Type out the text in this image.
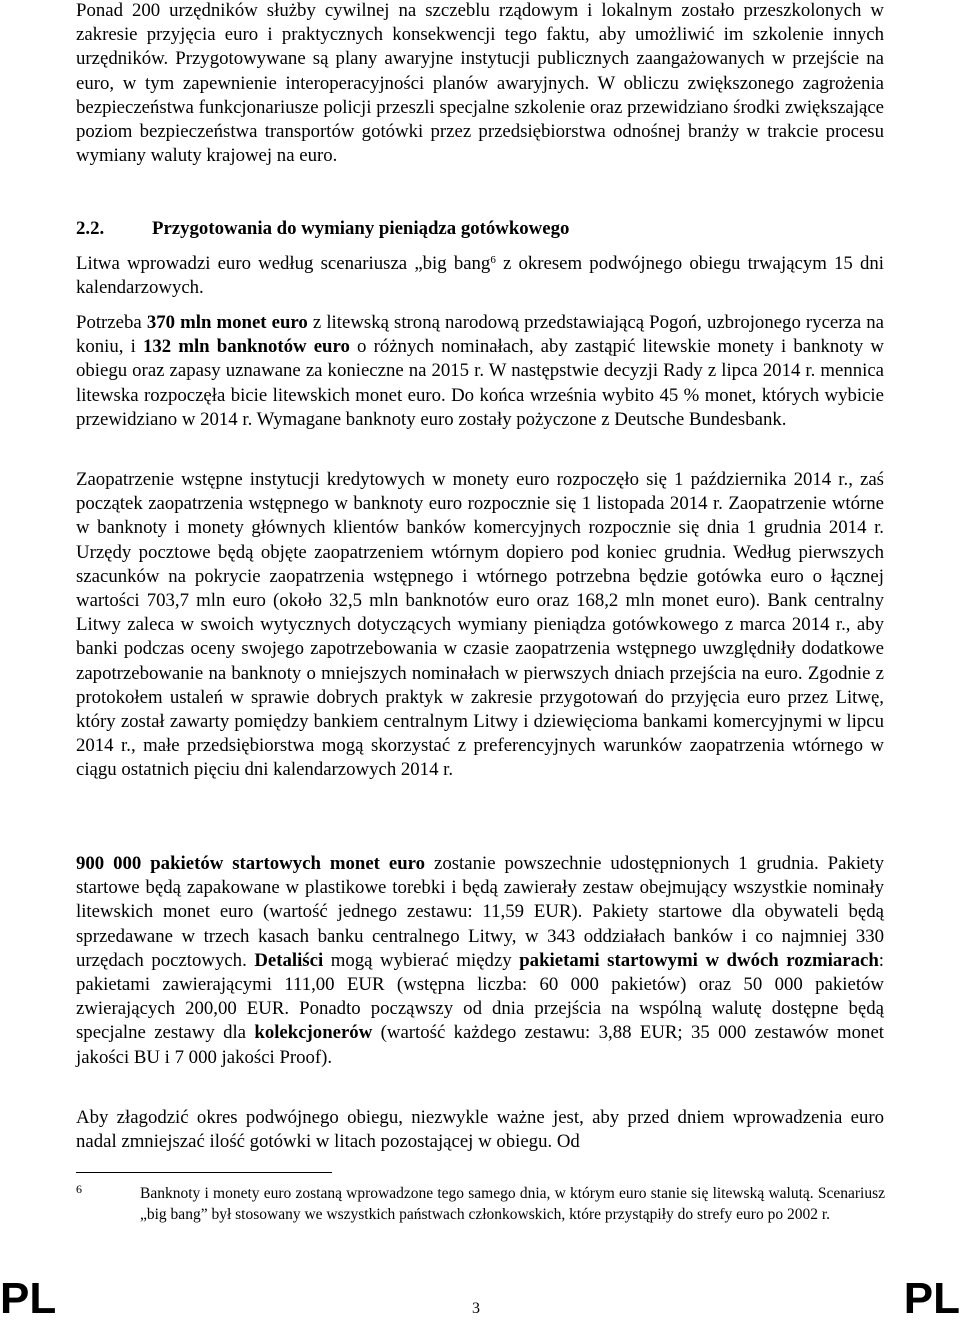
Ponad 200 urzędników służby cywilnej na szczeblu rządowym i lokalnym zostało przeszkolonych w zakresie przyjęcia euro i praktycznych konsekwencji tego faktu, aby umożliwić im szkolenie innych urzędników. Przygotowywane są plany awaryjne instytucji publicznych zaangażowanych w przejście na euro, w tym zapewnienie interoperacyjności planów awaryjnych. W obliczu zwiększonego zagrożenia bezpieczeństwa funkcjonariusze policji przeszli specjalne szkolenie oraz przewidziano środki zwiększające poziom bezpieczeństwa transportów gotówki przez przedsiębiorstwa odnośnej branży w trakcie procesu wymiany waluty krajowej na euro.

2.2.	Przygotowania do wymiany pieniądza gotówkowego

Litwa wprowadzi euro według scenariusza „big bang$^6$ z okresem podwójnego obiegu trwającym 15 dni kalendarzowych.

Potrzeba 370 mln monet euro z litewską stroną narodową przedstawiającą Pogoń, uzbrojonego rycerza na koniu, i 132 mln banknotów euro o różnych nominałach, aby zastąpić litewskie monety i banknoty w obiegu oraz zapasy uznawane za konieczne na 2015 r. W następstwie decyzji Rady z lipca 2014 r. mennica litewska rozpoczęła bicie litewskich monet euro. Do końca września wybito 45 % monet, których wybicie przewidziano w 2014 r. Wymagane banknoty euro zostały pożyczone z Deutsche Bundesbank.

Zaopatrzenie wstępne instytucji kredytowych w monety euro rozpoczęło się 1 października 2014 r., zaś początek zaopatrzenia wstępnego w banknoty euro rozpocznie się 1 listopada 2014 r. Zaopatrzenie wtórne w banknoty i monety głównych klientów banków komercyjnych rozpocznie się dnia 1 grudnia 2014 r. Urzędy pocztowe będą objęte zaopatrzeniem wtórnym dopiero pod koniec grudnia. Według pierwszych szacunków na pokrycie zaopatrzenia wstępnego i wtórnego potrzebna będzie gotówka euro o łącznej wartości 703,7 mln euro (około 32,5 mln banknotów euro oraz 168,2 mln monet euro). Bank centralny Litwy zaleca w swoich wytycznych dotyczących wymiany pieniądza gotówkowego z marca 2014 r., aby banki podczas oceny swojego zapotrzebowania w czasie zaopatrzenia wstępnego uwzględniły dodatkowe zapotrzebowanie na banknoty o mniejszych nominałach w pierwszych dniach przejścia na euro. Zgodnie z protokołem ustaleń w sprawie dobrych praktyk w zakresie przygotowań do przyjęcia euro przez Litwę, który został zawarty pomiędzy bankiem centralnym Litwy i dziewięcioma bankami komercyjnymi w lipcu 2014 r., małe przedsiębiorstwa mogą skorzystać z preferencyjnych warunków zaopatrzenia wtórnego w ciągu ostatnich pięciu dni kalendarzowych 2014 r.

900 000 pakietów startowych monet euro zostanie powszechnie udostępnionych 1 grudnia. Pakiety startowe będą zapakowane w plastikowe torebki i będą zawierały zestaw obejmujący wszystkie nominały litewskich monet euro (wartość jednego zestawu: 11,59 EUR). Pakiety startowe dla obywateli będą sprzedawane w trzech kasach banku centralnego Litwy, w 343 oddziałach banków i co najmniej 330 urzędach pocztowych. Detaliści mogą wybierać między pakietami startowymi w dwóch rozmiarach: pakietami zawierającymi 111,00 EUR (wstępna liczba: 60 000 pakietów) oraz 50 000 pakietów zwierających 200,00 EUR. Ponadto począwszy od dnia przejścia na wspólną walutę dostępne będą specjalne zestawy dla kolekcjonerów (wartość każdego zestawu: 3,88 EUR; 35 000 zestawów monet jakości BU i 7 000 jakości Proof).

Aby złagodzić okres podwójnego obiegu, niezwykle ważne jest, aby przed dniem wprowadzenia euro nadal zmniejszać ilość gotówki w litach pozostającej w obiegu. Od

6	Banknoty i monety euro zostaną wprowadzone tego samego dnia, w którym euro stanie się litewską walutą. Scenariusz „big bang” był stosowany we wszystkich państwach członkowskich, które przystąpiły do strefy euro po 2002 r.
PL	3	PL
